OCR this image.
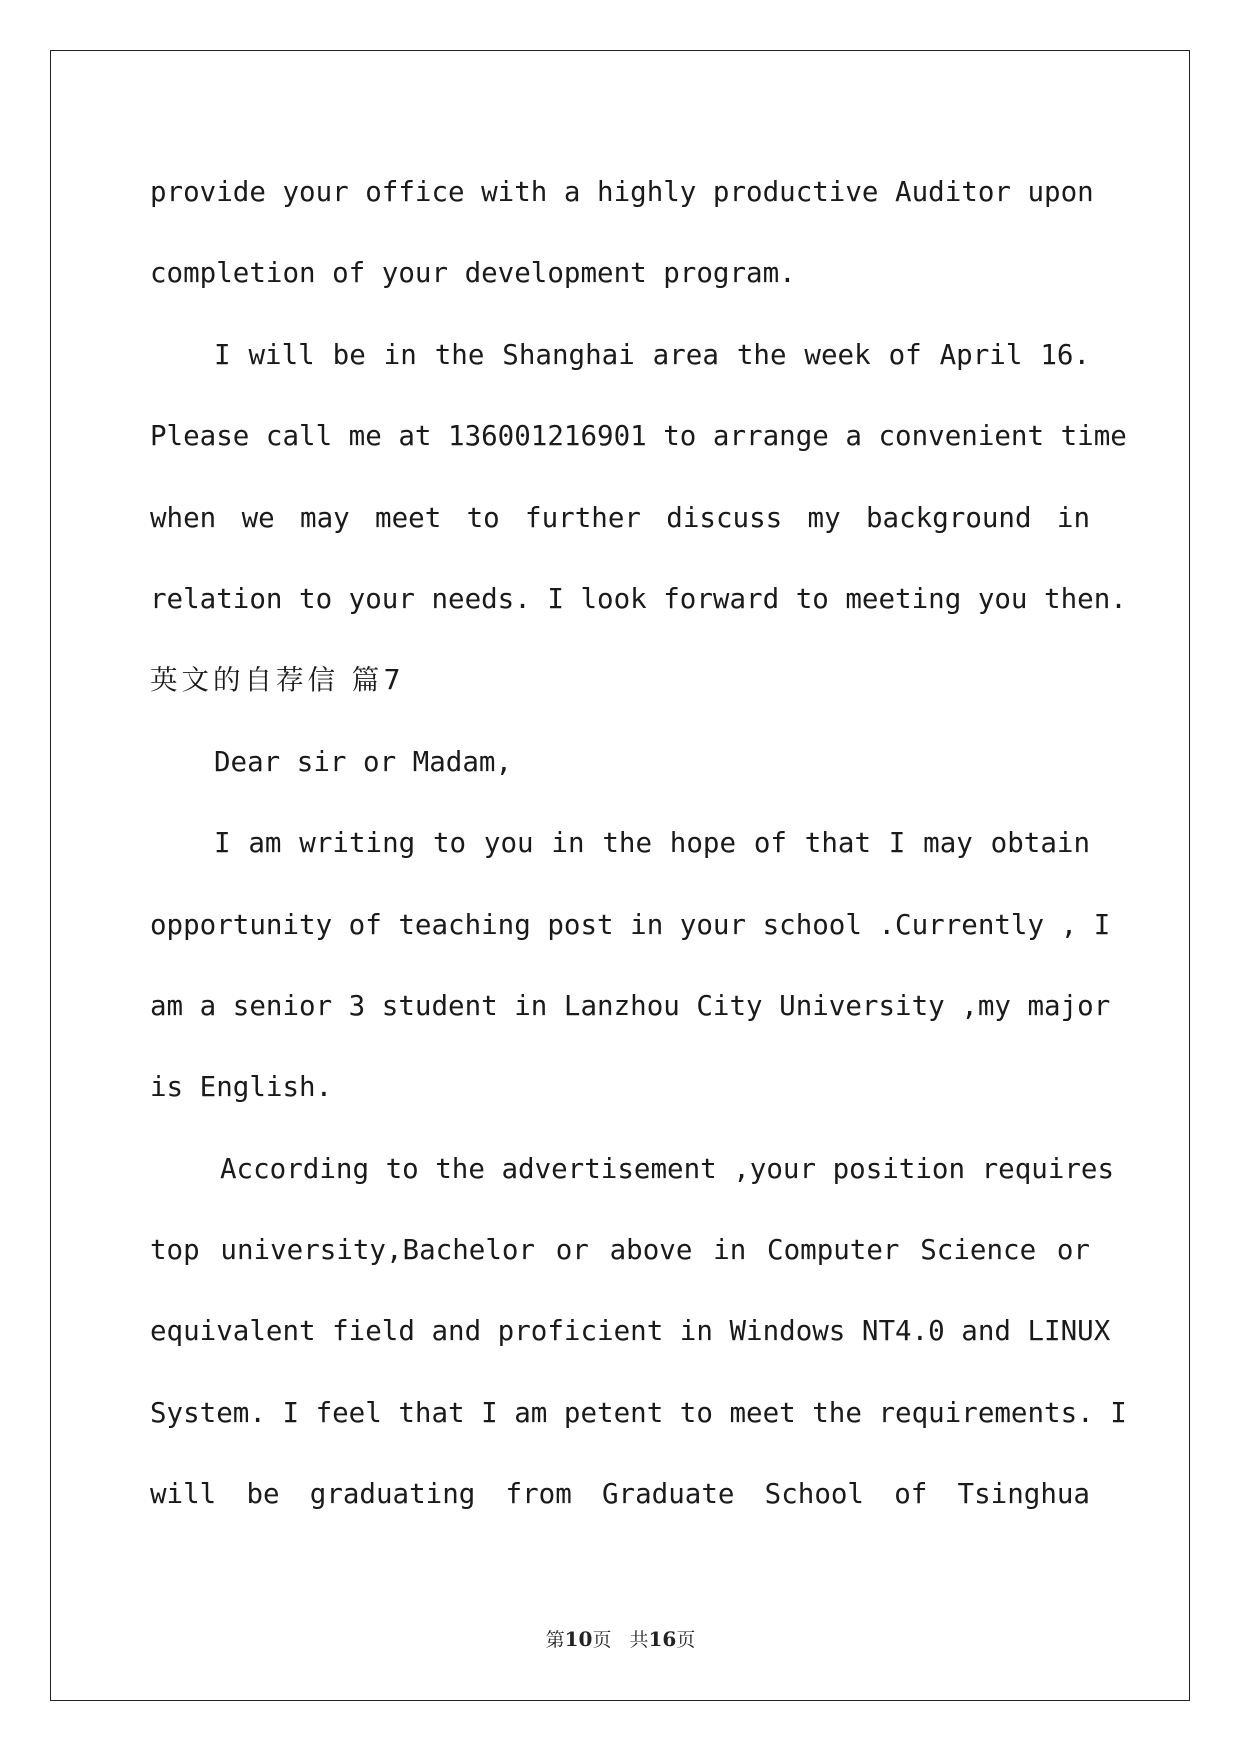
provide your office with a highly productive Auditor upon
completion of your development program.
I will be in the Shanghai area the week of April 16.
Please call me at 136001216901 to arrange a convenient time
when we may meet to further discuss my background in
relation to your needs. I look forward to meeting you then.
英文的自荐信 篇7
Dear sir or Madam,
I am writing to you in the hope of that I may obtain
opportunity of teaching post in your school .Currently , I
am a senior 3 student in Lanzhou City University ,my major
is English.
According to the advertisement ,your position requires
top university,Bachelor or above in Computer Science or
equivalent field and proficient in Windows NT4.0 and LINUX
System. I feel that I am petent to meet the requirements. I
will be graduating from Graduate School of Tsinghua
第10页 共16页
